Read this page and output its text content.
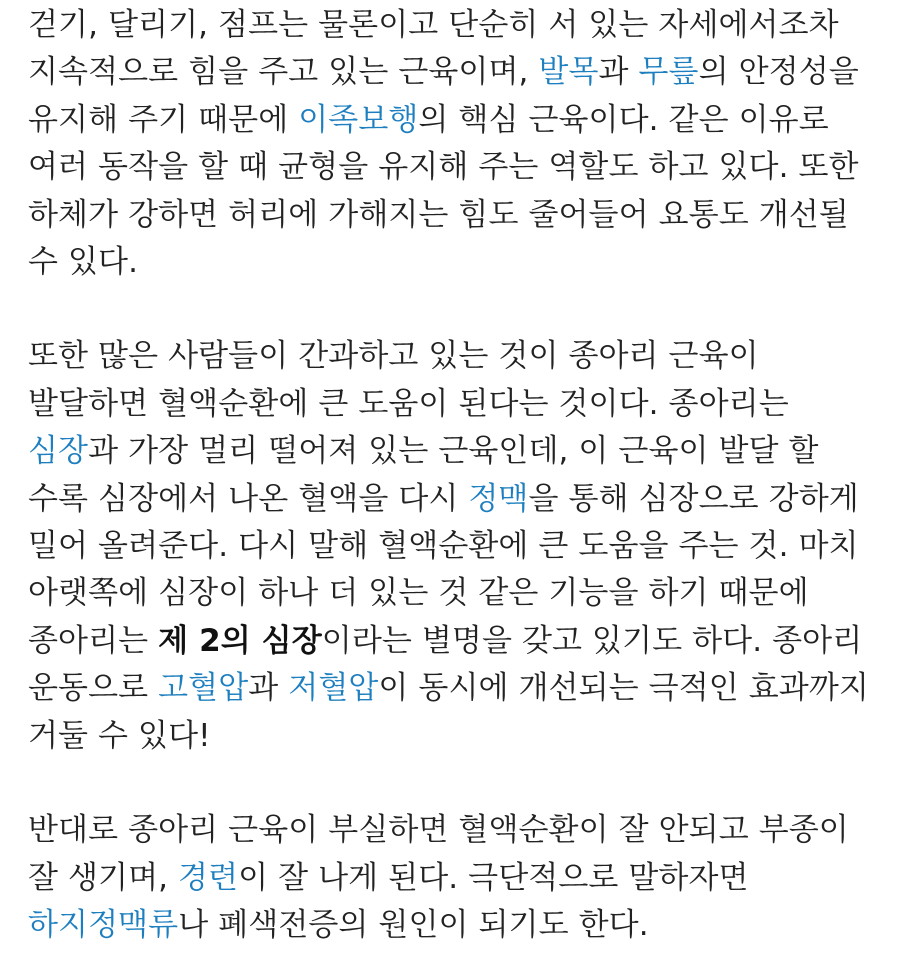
걷기, 달리기, 점프는 물론이고 단순히 서 있는 자세에서조차 지속적으로 힘을 주고 있는 근육이며, 발목과 무릎의 안정성을 유지해 주기 때문에 이족보행의 핵심 근육이다. 같은 이유로 여러 동작을 할 때 균형을 유지해 주는 역할도 하고 있다. 또한 하체가 강하면 허리에 가해지는 힘도 줄어들어 요통도 개선될 수 있다.

또한 많은 사람들이 간과하고 있는 것이 종아리 근육이 발달하면 혈액순환에 큰 도움이 된다는 것이다. 종아리는 심장과 가장 멀리 떨어져 있는 근육인데, 이 근육이 발달 할 수록 심장에서 나온 혈액을 다시 정맥을 통해 심장으로 강하게 밀어 올려준다. 다시 말해 혈액순환에 큰 도움을 주는 것. 마치 아랫쪽에 심장이 하나 더 있는 것 같은 기능을 하기 때문에 종아리는 제 2의 심장이라는 별명을 갖고 있기도 하다. 종아리 운동으로 고혈압과 저혈압이 동시에 개선되는 극적인 효과까지 거둘 수 있다!

반대로 종아리 근육이 부실하면 혈액순환이 잘 안되고 부종이 잘 생기며, 경련이 잘 나게 된다. 극단적으로 말하자면 하지정맥류나 폐색전증의 원인이 되기도 한다.
